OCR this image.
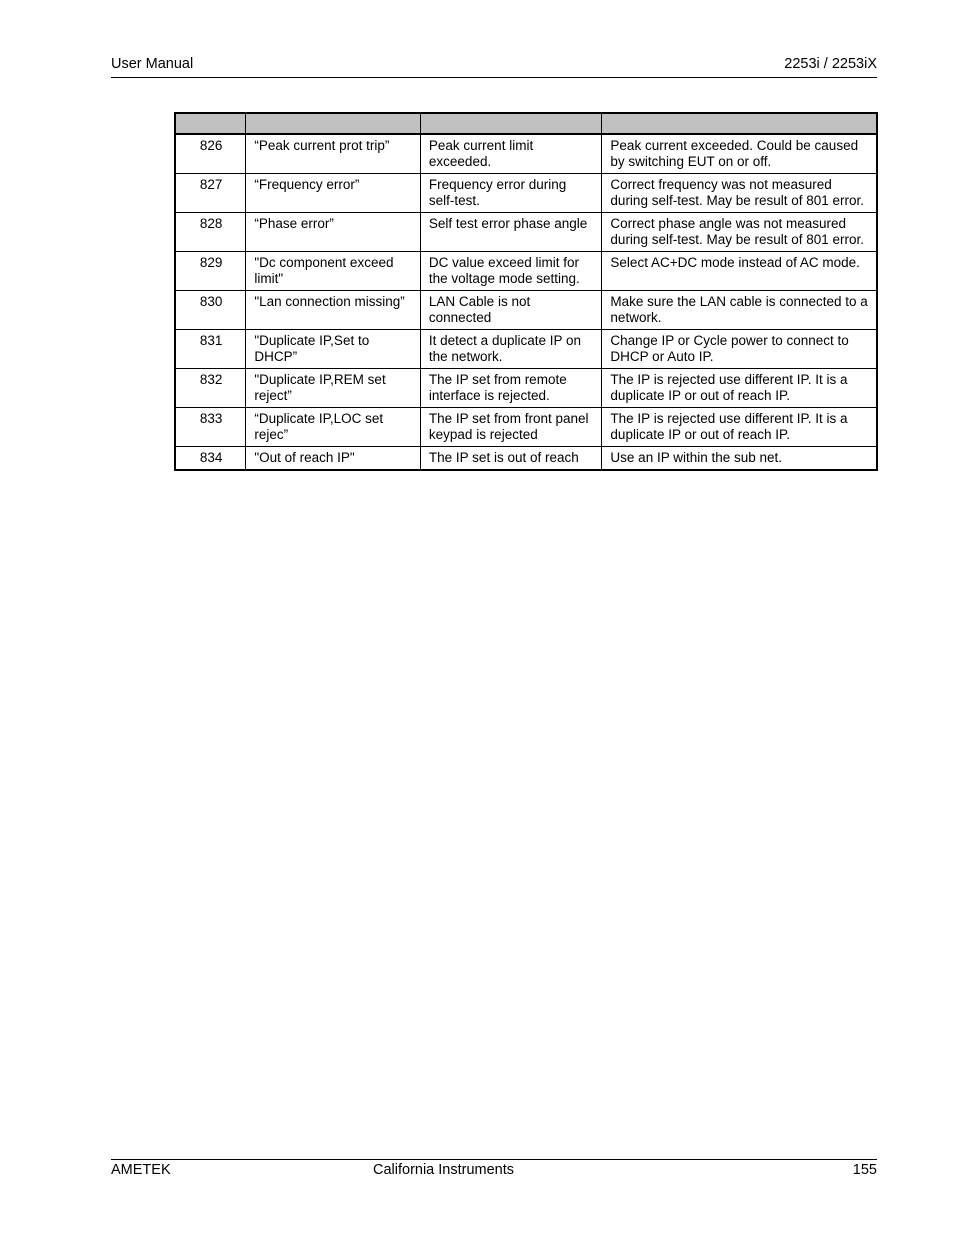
User Manual	2253i / 2253iX

826	“Peak current prot trip”	Peak current limit exceeded.	Peak current exceeded. Could be caused by switching EUT on or off.
827	“Frequency error”	Frequency error during self-test.	Correct frequency was not measured during self-test. May be result of 801 error.
828	“Phase error”	Self test error phase angle	Correct phase angle was not measured during self-test. May be result of 801 error.
829	"Dc component exceed limit"	DC value exceed limit for the voltage mode setting.	Select AC+DC mode instead of AC mode.
830	"Lan connection missing”	LAN Cable is not connected	Make sure the LAN cable is connected to a network.
831	"Duplicate IP,Set to DHCP”	It detect a duplicate IP on the network.	Change IP or Cycle power to connect to DHCP or Auto IP.
832	"Duplicate IP,REM set reject”	The IP set from remote interface is rejected.	The IP is rejected use different IP. It is a duplicate IP or out of reach IP.
833	“Duplicate IP,LOC set rejec”	The IP set from front panel keypad is rejected	The IP is rejected use different IP. It is a duplicate IP or out of reach IP.
834	"Out of reach IP"	The IP set is out of reach	Use an IP within the sub net.
AMETEK	California Instruments	155
